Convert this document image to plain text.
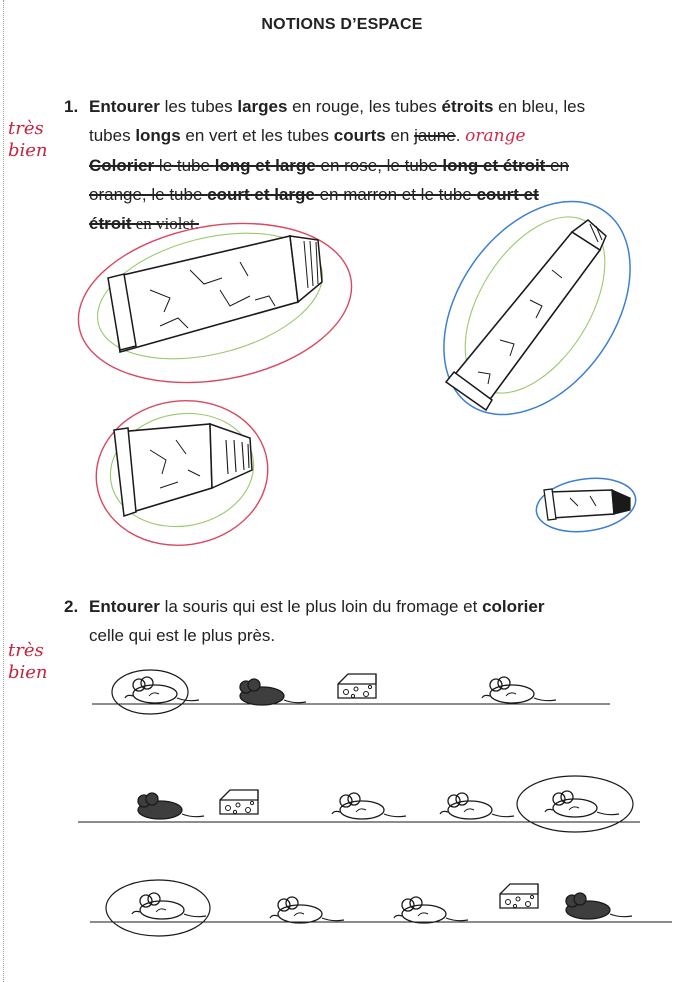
NOTIONS D’ESPACE
très
bien
très
bien
1. Entourer les tubes larges en rouge, les tubes étroits en bleu, les
tubes longs en vert et les tubes courts en jaune. orange
Colorier le tube long et large en rose, le tube long et étroit en
orange, le tube court et large en marron et le tube court et
étroit en violet.
2. Entourer la souris qui est le plus loin du fromage et colorier
celle qui est le plus près.
